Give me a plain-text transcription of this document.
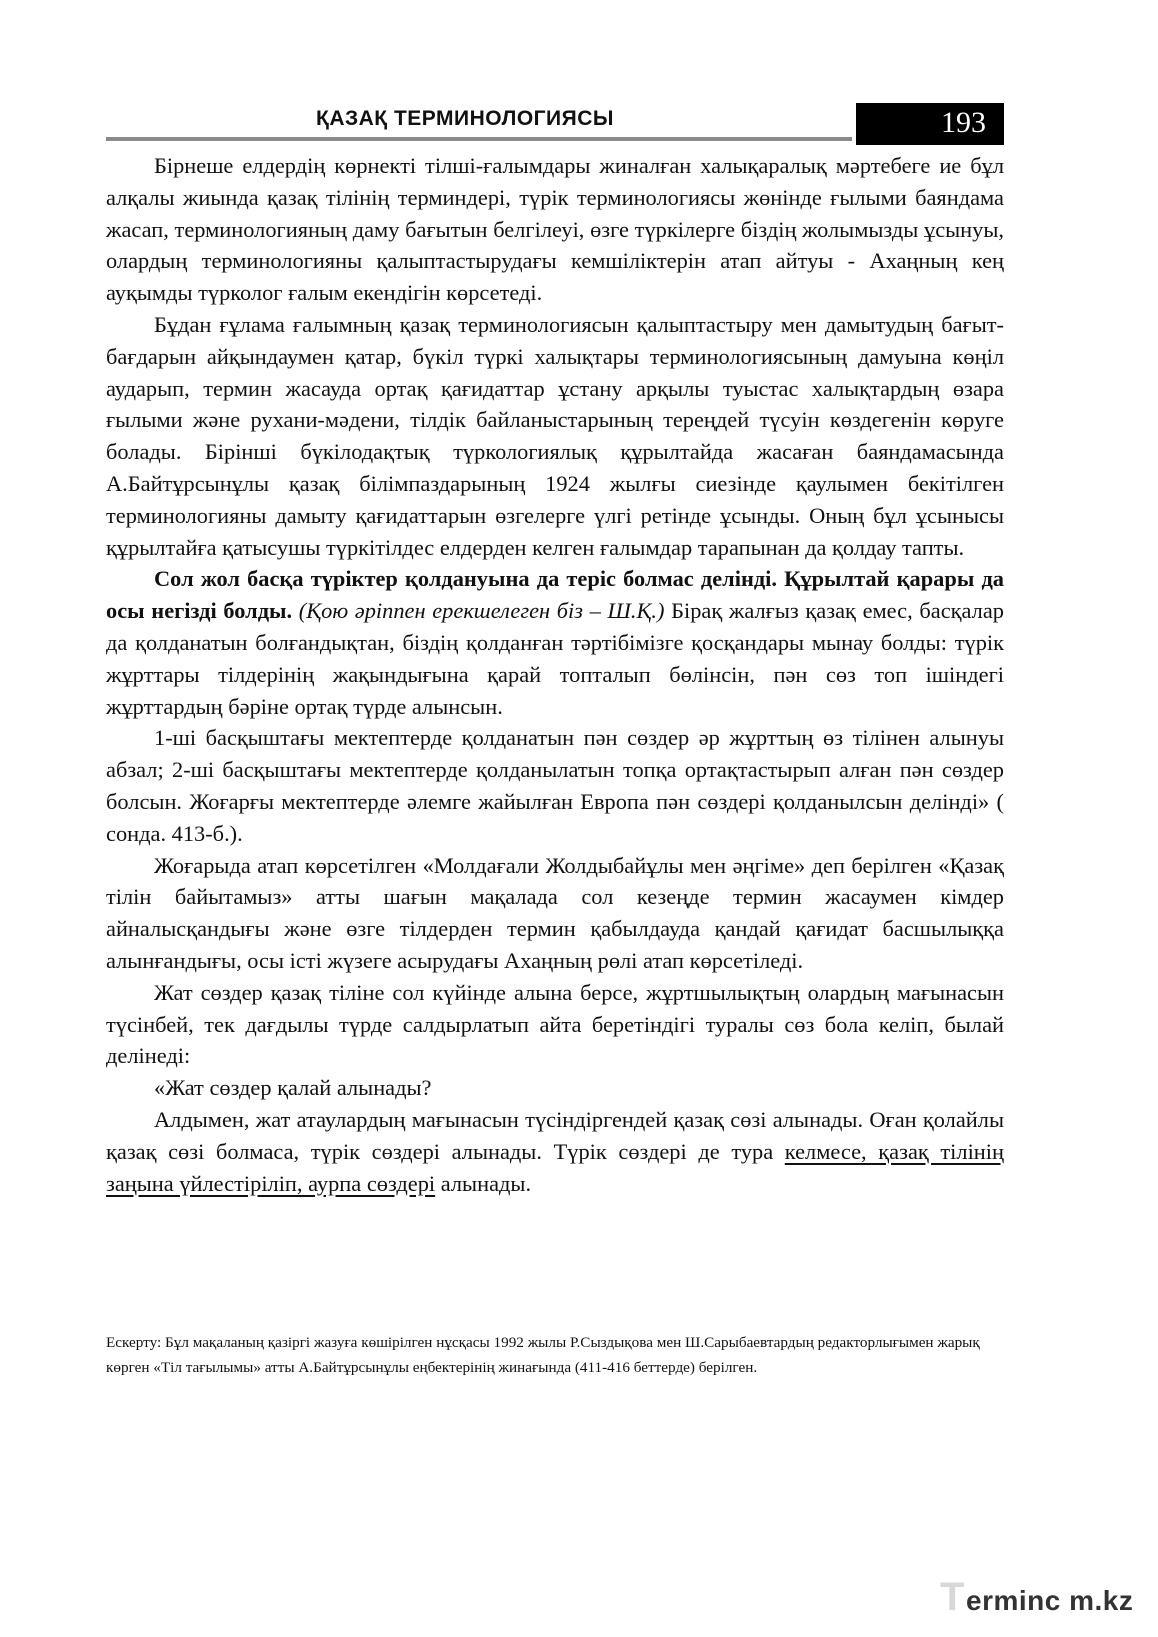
ҚАЗАҚ ТЕРМИНОЛОГИЯСЫ	193

Бірнеше елдердің көрнекті тілші-ғалымдары жиналған халықаралық мәртебеге ие бұл алқалы жиында қазақ тілінің терминдері, түрік терминологиясы жөнінде ғылыми баяндама жасап, терминологияның даму бағытын белгілеуі, өзге түркілерге біздің жолымызды ұсынуы, олардың терминологияны қалыптастырудағы кемшіліктерін атап айтуы - Ахаңның кең ауқымды түрколог ғалым екендігін көрсетеді.

Бұдан ғұлама ғалымның қазақ терминологиясын қалыптастыру мен дамытудың бағыт-бағдарын айқындаумен қатар, бүкіл түркі халықтары терминологиясының дамуына көңіл аударып, термин жасауда ортақ қағидаттар ұстану арқылы туыстас халықтардың өзара ғылыми және рухани-мәдени, тілдік байланыстарының тереңдей түсуін көздегенін көруге болады. Бірінші бүкілодақтық түркологиялық құрылтайда жасаған баяндамасында А.Байтұрсынұлы қазақ білімпаздарының 1924 жылғы сиезінде қаулымен бекітілген терминологияны дамыту қағидаттарын өзгелерге үлгі ретінде ұсынды. Оның бұл ұсынысы құрылтайға қатысушы түркітілдес елдерден келген ғалымдар тарапынан да қолдау тапты.

Сол жол басқа түріктер қолдануына да теріс болмас делінді. Құрылтай қарары да осы негізді болды. (Қою әріппен ерекшелеген біз – Ш.Қ.) Бірақ жалғыз қазақ емес, басқалар да қолданатын болғандықтан, біздің қолданған тәртібімізге қосқандары мынау болды: түрік жұрттары тілдерінің жақындығына қарай топталып бөлінсін, пән сөз топ ішіндегі жұрттардың бәріне ортақ түрде алынсын.

1-ші басқыштағы мектептерде қолданатын пән сөздер әр жұрттың өз тілінен алынуы абзал; 2-ші басқыштағы мектептерде қолданылатын топқа ортақтастырып алған пән сөздер болсын. Жоғарғы мектептерде әлемге жайылған Европа пән сөздері қолданылсын делінді» ( сонда. 413-б.).

Жоғарыда атап көрсетілген «Молдағали Жолдыбайұлы мен әңгіме» деп берілген «Қазақ тілін байытамыз» атты шағын мақалада сол кезеңде термин жасаумен кімдер айналысқандығы және өзге тілдерден термин қабылдауда қандай қағидат басшылыққа алынғандығы, осы істі жүзеге асырудағы Ахаңның рөлі атап көрсетіледі.

Жат сөздер қазақ тіліне сол күйінде алына берсе, жұртшылықтың олардың мағынасын түсінбей, тек дағдылы түрде салдырлатып айта беретіндігі туралы сөз бола келіп, былай делінеді:

«Жат сөздер қалай алынады?

Алдымен, жат атаулардың мағынасын түсіндіргендей қазақ сөзі алынады. Оған қолайлы қазақ сөзі болмаса, түрік сөздері алынады. Түрік сөздері де тура келмесе, қазақ тілінің заңына үйлестіріліп, аурпа сөздері алынады.

Ескерту: Бұл мақаланың қазіргі жазуға көшірілген нұсқасы 1992 жылы Р.Сыздықова мен Ш.Сарыбаевтардың редакторлығымен жарық көрген «Тіл тағылымы» атты А.Байтұрсынұлы еңбектерінің жинағында (411-416 беттерде) берілген.
T erminc m.kz
